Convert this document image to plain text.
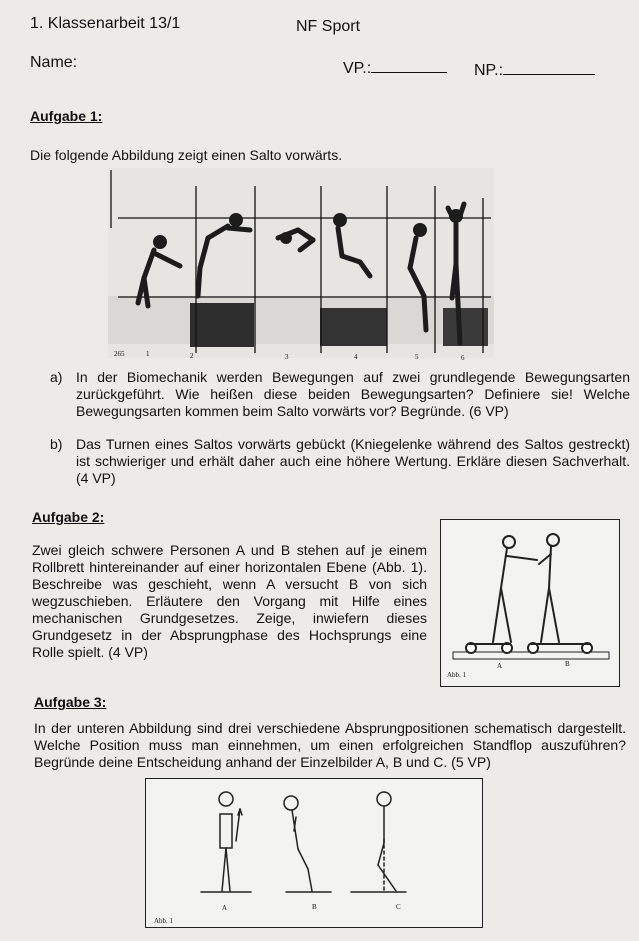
1. Klassenarbeit 13/1	NF Sport
Name:	VP.:	NP.:
Aufgabe 1:
Die folgende Abbildung zeigt einen Salto vorwärts.
265	1	2	3	4	5	6
a) In der Biomechanik werden Bewegungen auf zwei grundlegende Bewegungsarten zurückgeführt. Wie heißen diese beiden Bewegungsarten? Definiere sie! Welche Bewegungsarten kommen beim Salto vorwärts vor? Begründe. (6 VP)
b) Das Turnen eines Saltos vorwärts gebückt (Kniegelenke während des Saltos gestreckt) ist schwieriger und erhält daher auch eine höhere Wertung. Erkläre diesen Sachverhalt. (4 VP)
Aufgabe 2:
Zwei gleich schwere Personen A und B stehen auf je einem Rollbrett hintereinander auf einer horizontalen Ebene (Abb. 1). Beschreibe was geschieht, wenn A versucht B von sich wegzuschieben. Erläutere den Vorgang mit Hilfe eines mechanischen Grundgesetzes. Zeige, inwiefern dieses Grundgesetz in der Absprungphase des Hochsprungs eine Rolle spielt. (4 VP)
Abb. 1
A	B
Aufgabe 3:
In der unteren Abbildung sind drei verschiedene Absprungpositionen schematisch dargestellt. Welche Position muss man einnehmen, um einen erfolgreichen Standflop auszuführen? Begründe deine Entscheidung anhand der Einzelbilder A, B und C. (5 VP)
A	B	C
Abb. 1
